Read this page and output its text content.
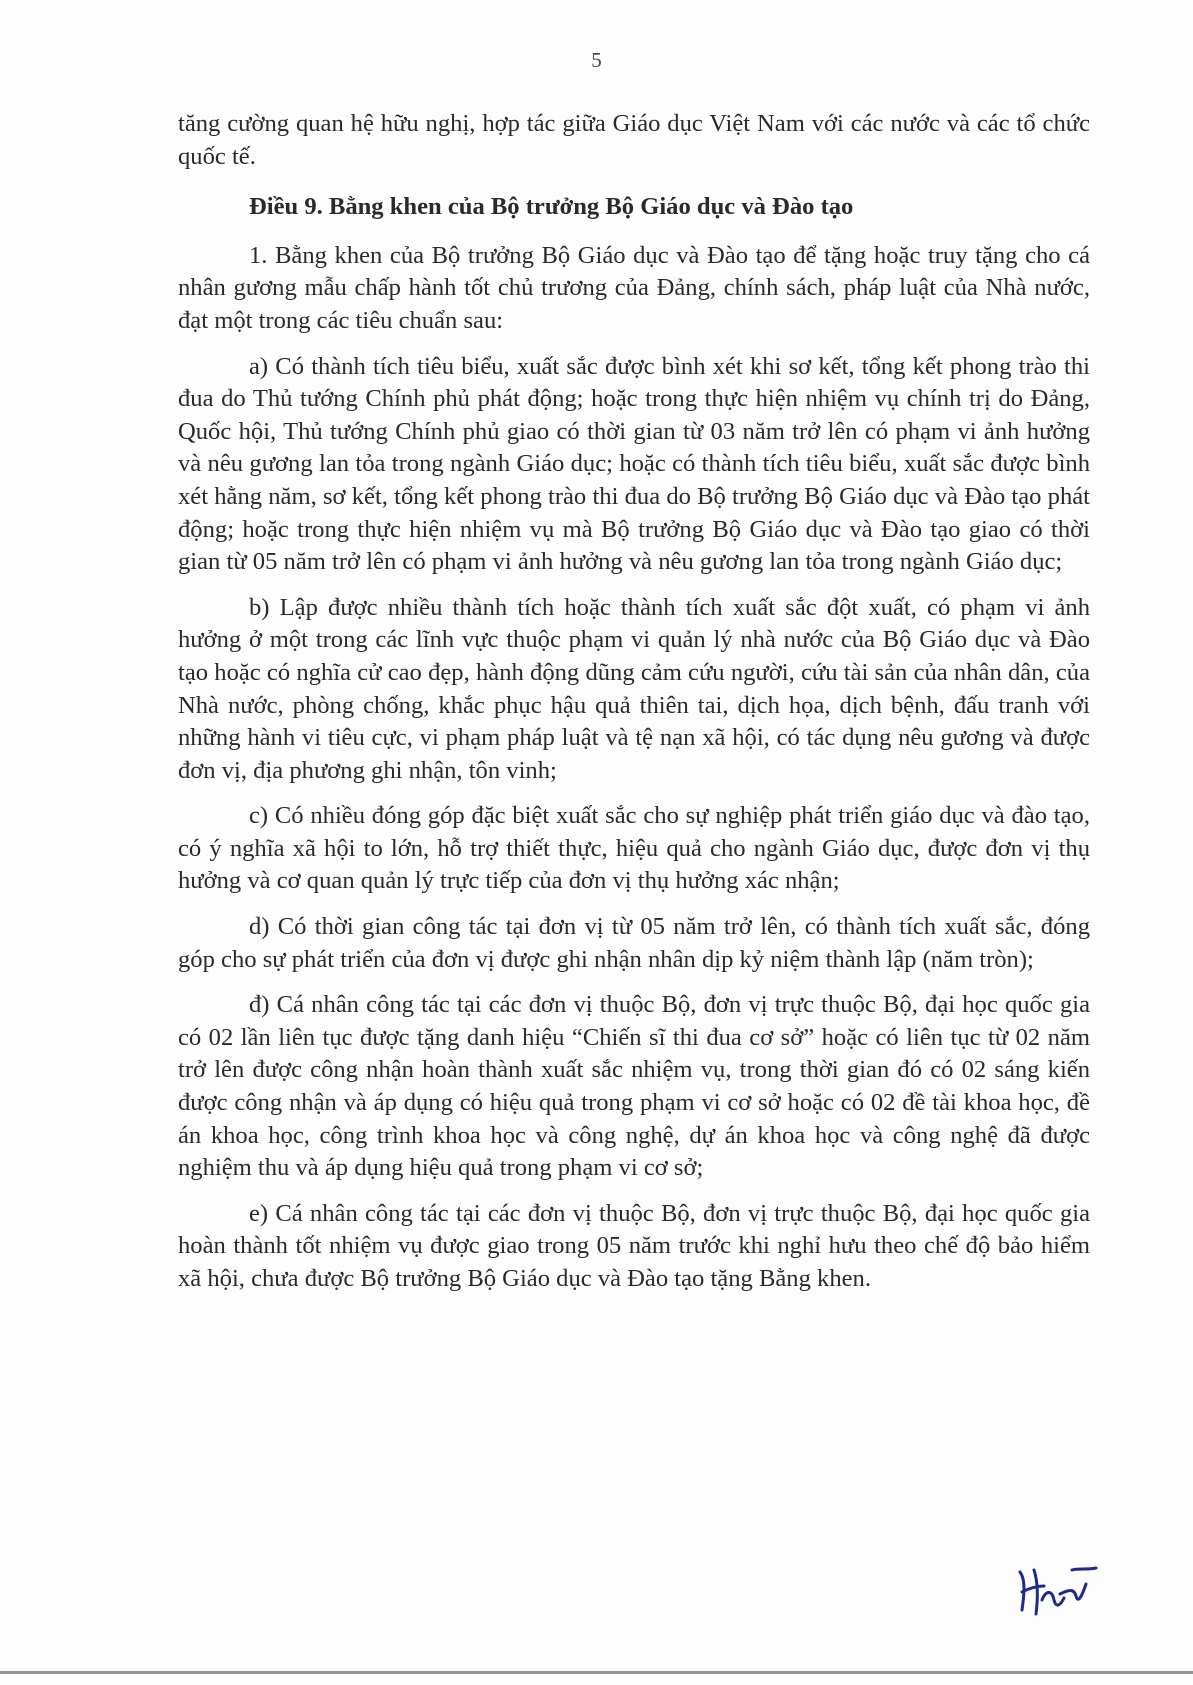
5

tăng cường quan hệ hữu nghị, hợp tác giữa Giáo dục Việt Nam với các nước và các tổ chức quốc tế.

Điều 9. Bằng khen của Bộ trưởng Bộ Giáo dục và Đào tạo

1. Bằng khen của Bộ trưởng Bộ Giáo dục và Đào tạo để tặng hoặc truy tặng cho cá nhân gương mẫu chấp hành tốt chủ trương của Đảng, chính sách, pháp luật của Nhà nước, đạt một trong các tiêu chuẩn sau:

a) Có thành tích tiêu biểu, xuất sắc được bình xét khi sơ kết, tổng kết phong trào thi đua do Thủ tướng Chính phủ phát động; hoặc trong thực hiện nhiệm vụ chính trị do Đảng, Quốc hội, Thủ tướng Chính phủ giao có thời gian từ 03 năm trở lên có phạm vi ảnh hưởng và nêu gương lan tỏa trong ngành Giáo dục; hoặc có thành tích tiêu biểu, xuất sắc được bình xét hằng năm, sơ kết, tổng kết phong trào thi đua do Bộ trưởng Bộ Giáo dục và Đào tạo phát động; hoặc trong thực hiện nhiệm vụ mà Bộ trưởng Bộ Giáo dục và Đào tạo giao có thời gian từ 05 năm trở lên có phạm vi ảnh hưởng và nêu gương lan tỏa trong ngành Giáo dục;

b) Lập được nhiều thành tích hoặc thành tích xuất sắc đột xuất, có phạm vi ảnh hưởng ở một trong các lĩnh vực thuộc phạm vi quản lý nhà nước của Bộ Giáo dục và Đào tạo hoặc có nghĩa cử cao đẹp, hành động dũng cảm cứu người, cứu tài sản của nhân dân, của Nhà nước, phòng chống, khắc phục hậu quả thiên tai, dịch họa, dịch bệnh, đấu tranh với những hành vi tiêu cực, vi phạm pháp luật và tệ nạn xã hội, có tác dụng nêu gương và được đơn vị, địa phương ghi nhận, tôn vinh;

c) Có nhiều đóng góp đặc biệt xuất sắc cho sự nghiệp phát triển giáo dục và đào tạo, có ý nghĩa xã hội to lớn, hỗ trợ thiết thực, hiệu quả cho ngành Giáo dục, được đơn vị thụ hưởng và cơ quan quản lý trực tiếp của đơn vị thụ hưởng xác nhận;

d) Có thời gian công tác tại đơn vị từ 05 năm trở lên, có thành tích xuất sắc, đóng góp cho sự phát triển của đơn vị được ghi nhận nhân dịp kỷ niệm thành lập (năm tròn);

đ) Cá nhân công tác tại các đơn vị thuộc Bộ, đơn vị trực thuộc Bộ, đại học quốc gia có 02 lần liên tục được tặng danh hiệu “Chiến sĩ thi đua cơ sở” hoặc có liên tục từ 02 năm trở lên được công nhận hoàn thành xuất sắc nhiệm vụ, trong thời gian đó có 02 sáng kiến được công nhận và áp dụng có hiệu quả trong phạm vi cơ sở hoặc có 02 đề tài khoa học, đề án khoa học, công trình khoa học và công nghệ, dự án khoa học và công nghệ đã được nghiệm thu và áp dụng hiệu quả trong phạm vi cơ sở;

e) Cá nhân công tác tại các đơn vị thuộc Bộ, đơn vị trực thuộc Bộ, đại học quốc gia hoàn thành tốt nhiệm vụ được giao trong 05 năm trước khi nghỉ hưu theo chế độ bảo hiểm xã hội, chưa được Bộ trưởng Bộ Giáo dục và Đào tạo tặng Bằng khen.
